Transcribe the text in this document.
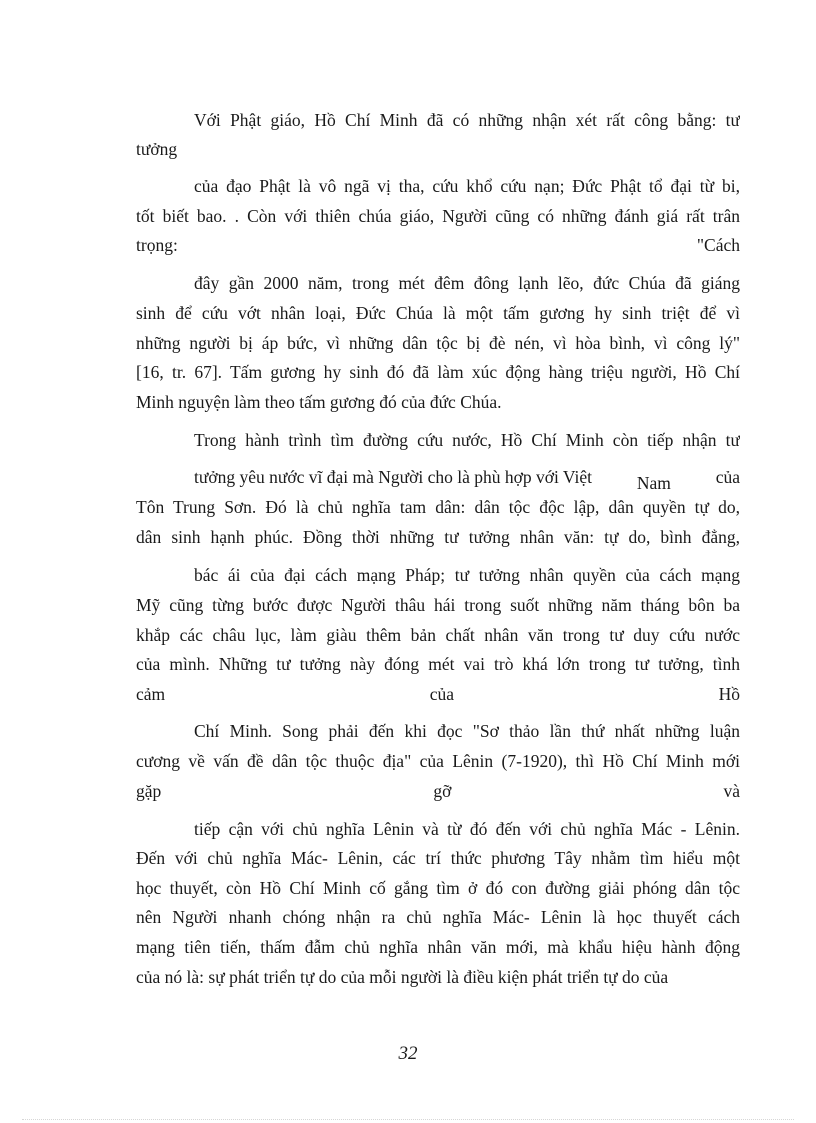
Với Phật giáo, Hồ Chí Minh đã có những nhận xét rất công bằng: tư
tưởng
của đạo Phật là vô ngã vị tha, cứu khổ cứu nạn; Đức Phật tổ đại từ bi,
tốt biết bao. . Còn với thiên chúa giáo, Người cũng có những đánh giá rất trân
trọng:	"Cách
đây gần 2000 năm, trong mét đêm đông lạnh lẽo, đức Chúa đã giáng
sinh để cứu vớt nhân loại, Đức Chúa là một tấm gương hy sinh triệt để vì
những người bị áp bức, vì những dân tộc bị đè nén, vì hòa bình, vì công lý"
[16, tr. 67]. Tấm gương hy sinh đó đã làm xúc động hàng triệu người, Hồ Chí
Minh nguyện làm theo tấm gương đó của đức Chúa.
Trong hành trình tìm đường cứu nước, Hồ Chí Minh còn tiếp nhận tư
tưởng yêu nước vĩ đại mà Người cho là phù hợp với Việt	Nam	của
Tôn Trung Sơn. Đó là chủ nghĩa tam dân: dân tộc độc lập, dân quyền tự do,
dân sinh hạnh phúc. Đồng thời những tư tưởng nhân văn: tự do, bình đẳng,
bác ái của đại cách mạng Pháp; tư tưởng nhân quyền của cách mạng
Mỹ cũng từng bước được Người thâu hái trong suốt những năm tháng bôn ba
khắp các châu lục, làm giàu thêm bản chất nhân văn trong tư duy cứu nước
của mình. Những tư tưởng này đóng mét vai trò khá lớn trong tư tưởng, tình
cảm	của	Hồ
Chí Minh. Song phải đến khi đọc "Sơ thảo lần thứ nhất những luận
cương về vấn đề dân tộc thuộc địa" của Lênin (7-1920), thì Hồ Chí Minh mới
gặp	gỡ	và
tiếp cận với chủ nghĩa Lênin và từ đó đến với chủ nghĩa Mác - Lênin.
Đến với chủ nghĩa Mác- Lênin, các trí thức phương Tây nhằm tìm hiểu một
học thuyết, còn Hồ Chí Minh cố gắng tìm ở đó con đường giải phóng dân tộc
nên Người nhanh chóng nhận ra chủ nghĩa Mác- Lênin là học thuyết cách
mạng tiên tiến, thấm đẫm chủ nghĩa nhân văn mới, mà khẩu hiệu hành động
của nó là: sự phát triển tự do của mỗi người là điều kiện phát triển tự do của
32
